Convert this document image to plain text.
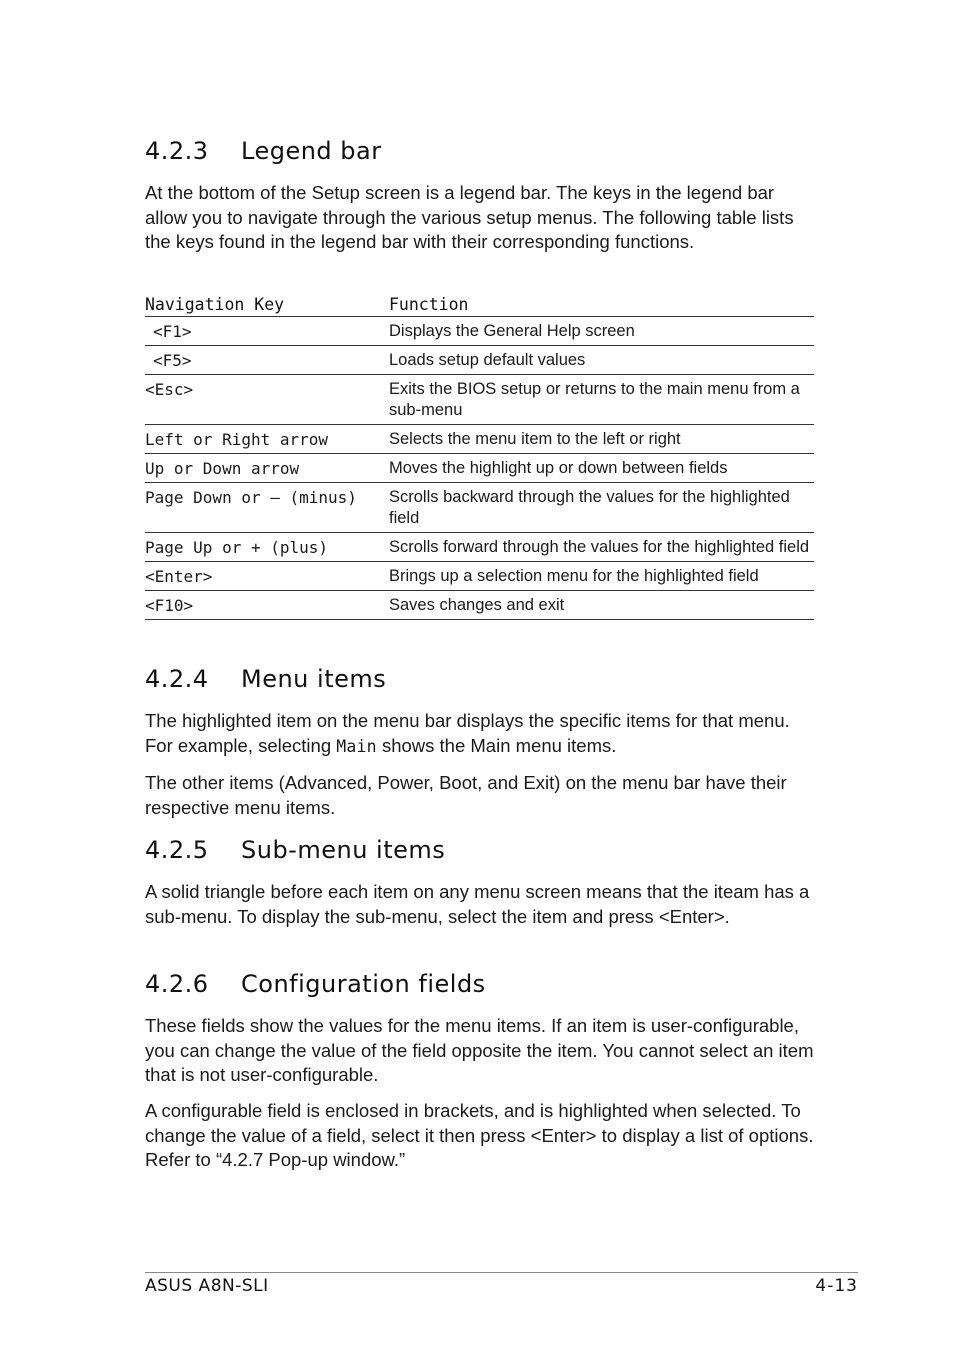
4.2.3 Legend bar

At the bottom of the Setup screen is a legend bar. The keys in the legend bar allow you to navigate through the various setup menus. The following table lists the keys found in the legend bar with their corresponding functions.

Navigation Key	Function
<F1>	Displays the General Help screen
<F5>	Loads setup default values
<Esc>	Exits the BIOS setup or returns to the main menu from a sub-menu
Left or Right arrow	Selects the menu item to the left or right
Up or Down arrow	Moves the highlight up or down between fields
Page Down or – (minus)	Scrolls backward through the values for the highlighted field
Page Up or + (plus)	Scrolls forward through the values for the highlighted field
<Enter>	Brings up a selection menu for the highlighted field
<F10>	Saves changes and exit
4.2.4 Menu items

The highlighted item on the menu bar displays the specific items for that menu. For example, selecting Main shows the Main menu items.

The other items (Advanced, Power, Boot, and Exit) on the menu bar have their respective menu items.

4.2.5 Sub-menu items

A solid triangle before each item on any menu screen means that the iteam has a sub-menu. To display the sub-menu, select the item and press <Enter>.

4.2.6 Configuration fields

These fields show the values for the menu items. If an item is user-configurable, you can change the value of the field opposite the item. You cannot select an item that is not user-configurable.

A configurable field is enclosed in brackets, and is highlighted when selected. To change the value of a field, select it then press <Enter> to display a list of options. Refer to “4.2.7 Pop-up window.”

ASUS A8N-SLI	4-13
